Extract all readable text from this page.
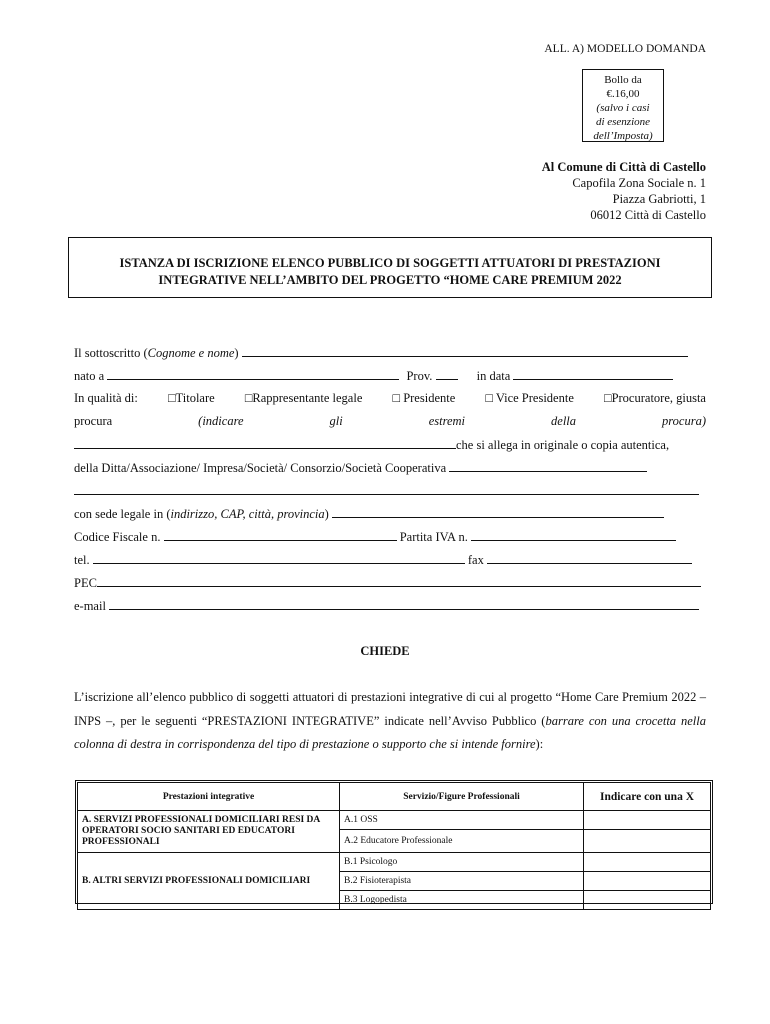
ALL. A) MODELLO DOMANDA
Bollo da
€.16,00
(salvo i casi
di esenzione
dell’Imposta)
Al Comune di Città di Castello
Capofila Zona Sociale n. 1
Piazza Gabriotti, 1
06012 Città di Castello
ISTANZA DI ISCRIZIONE ELENCO PUBBLICO DI SOGGETTI ATTUATORI DI PRESTAZIONI
INTEGRATIVE NELL’AMBITO DEL PROGETTO “HOME CARE PREMIUM 2022
Il sottoscritto (Cognome e nome)
nato a	Prov.	in data
In qualità di: □Titolare □Rappresentante legale □ Presidente □ Vice Presidente □Procuratore, giusta
procura	(indicare	gli	estremi	della	procura)
che si allega in originale o copia autentica,
della Ditta/Associazione/ Impresa/Società/ Consorzio/Società Cooperativa
con sede legale in (indirizzo, CAP, città, provincia)
Codice Fiscale n.	Partita IVA n.
tel.	fax
PEC
e-mail
CHIEDE
L’iscrizione all’elenco pubblico di soggetti attuatori di prestazioni integrative di cui al progetto “Home Care Premium 2022 – INPS –, per le seguenti “PRESTAZIONI INTEGRATIVE” indicate nell’Avviso Pubblico (barrare con una crocetta nella colonna di destra in corrispondenza del tipo di prestazione o supporto che si intende fornire):
Prestazioni integrative	Servizio/Figure Professionali	Indicare con una X
A. SERVIZI PROFESSIONALI DOMICILIARI RESI DA OPERATORI SOCIO SANITARI ED EDUCATORI PROFESSIONALI	A.1 OSS	
	A.2 Educatore Professionale	
B. ALTRI SERVIZI PROFESSIONALI DOMICILIARI	B.1 Psicologo	
	B.2 Fisioterapista	
	B.3 Logopedista	
